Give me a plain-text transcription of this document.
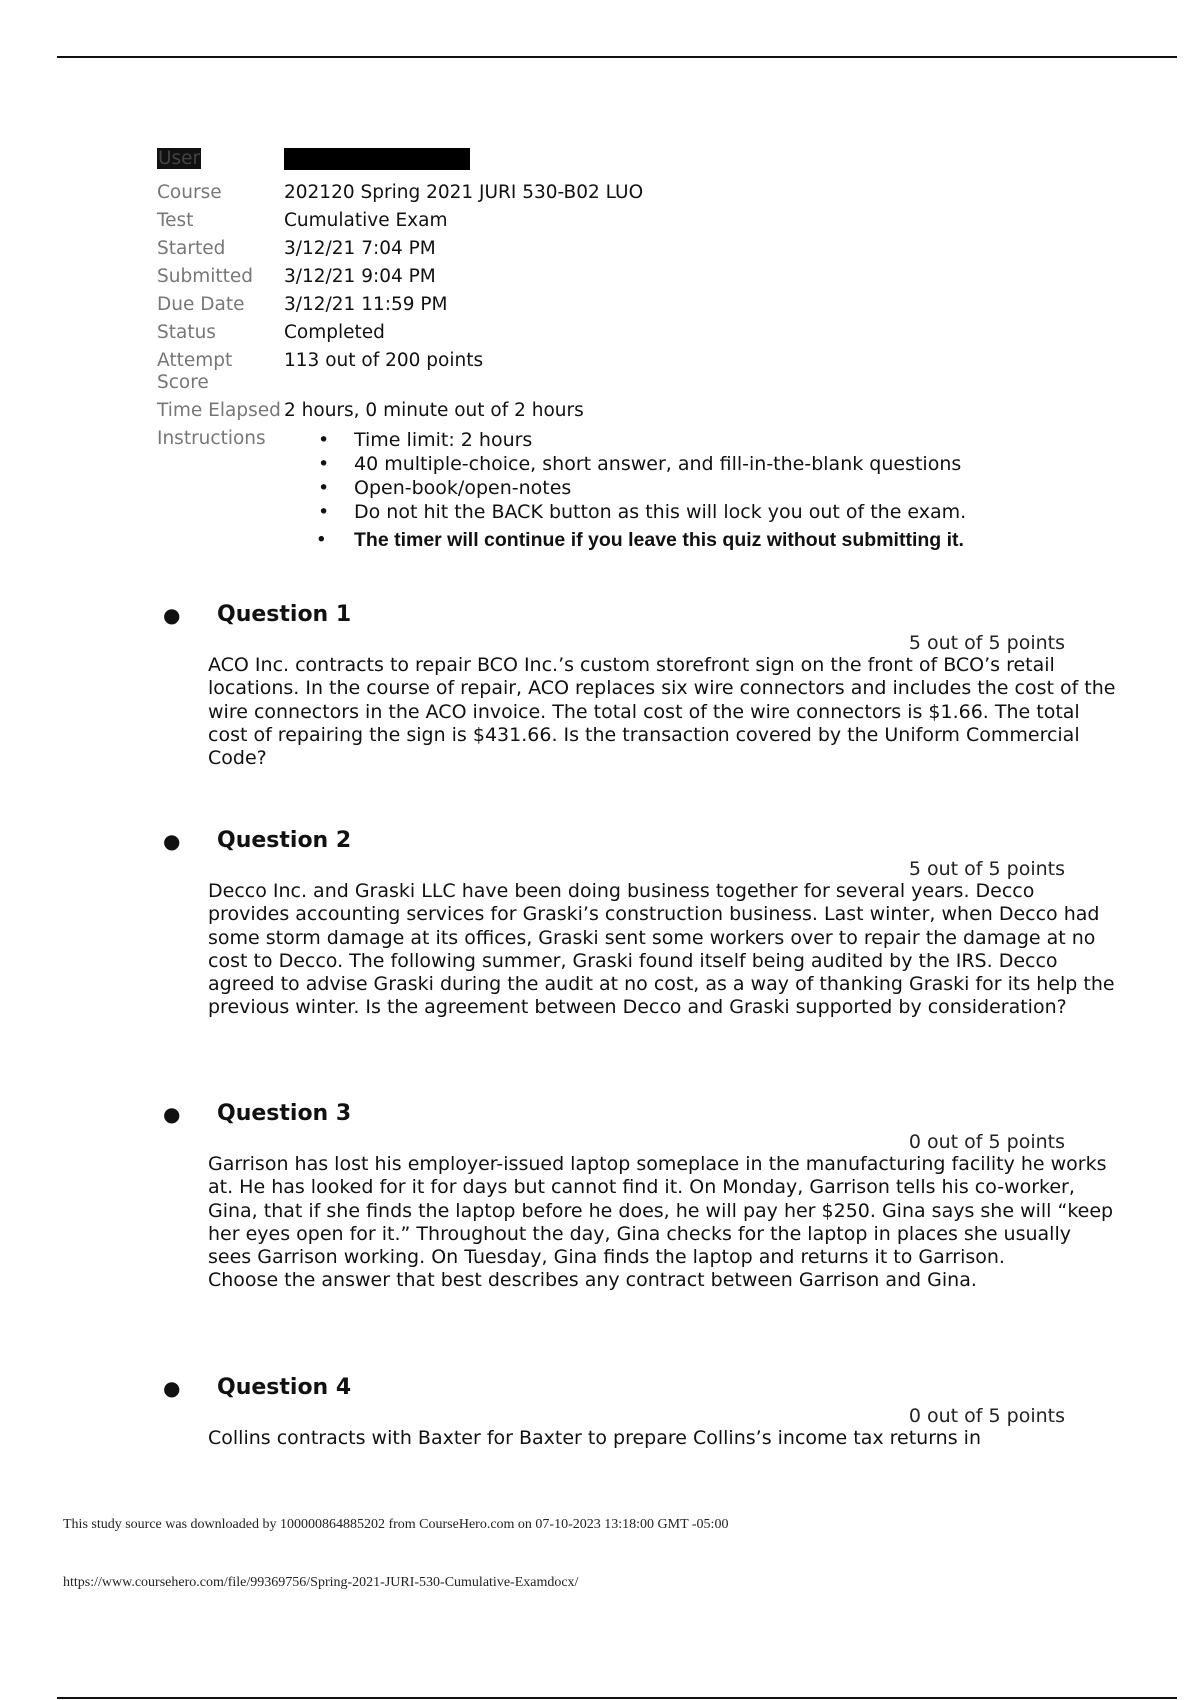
User
Course	202120 Spring 2021 JURI 530-B02 LUO
Test	Cumulative Exam
Started	3/12/21 7:04 PM
Submitted	3/12/21 9:04 PM
Due Date	3/12/21 11:59 PM
Status	Completed
Attempt Score
113 out of 200 points
Time Elapsed 2 hours, 0 minute out of 2 hours
Instructions
•	Time limit: 2 hours
• 40 multiple-choice, short answer, and fill-in-the-blank questions
• Open-book/open-notes
• Do not hit the BACK button as this will lock you out of the exam.
• The timer will continue if you leave this quiz without submitting it.
● Question 1
5 out of 5 points
ACO Inc. contracts to repair BCO Inc.’s custom storefront sign on the front of BCO’s retail locations. In the course of repair, ACO replaces six wire connectors and includes the cost of the wire connectors in the ACO invoice. The total cost of the wire connectors is $1.66. The total cost of repairing the sign is $431.66. Is the transaction covered by the Uniform Commercial Code?
● Question 2
5 out of 5 points
Decco Inc. and Graski LLC have been doing business together for several years. Decco provides accounting services for Graski’s construction business. Last winter, when Decco had some storm damage at its offices, Graski sent some workers over to repair the damage at no cost to Decco. The following summer, Graski found itself being audited by the IRS. Decco agreed to advise Graski during the audit at no cost, as a way of thanking Graski for its help the previous winter. Is the agreement between Decco and Graski supported by consideration?
● Question 3
0 out of 5 points
Garrison has lost his employer-issued laptop someplace in the manufacturing facility he works at. He has looked for it for days but cannot find it. On Monday, Garrison tells his co-worker, Gina, that if she finds the laptop before he does, he will pay her $250. Gina says she will “keep her eyes open for it.” Throughout the day, Gina checks for the laptop in places she usually sees Garrison working. On Tuesday, Gina finds the laptop and returns it to Garrison.
Choose the answer that best describes any contract between Garrison and Gina.
● Question 4
0 out of 5 points
Collins contracts with Baxter for Baxter to prepare Collins’s income tax returns in
This study source was downloaded by 100000864885202 from CourseHero.com on 07-10-2023 13:18:00 GMT -05:00
https://www.coursehero.com/file/99369756/Spring-2021-JURI-530-Cumulative-Examdocx/
